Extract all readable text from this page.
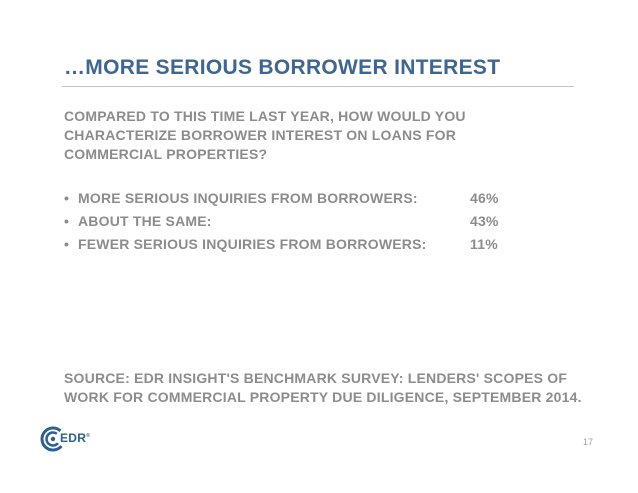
…MORE SERIOUS BORROWER INTEREST
COMPARED TO THIS TIME LAST YEAR, HOW WOULD YOU CHARACTERIZE BORROWER INTEREST ON LOANS FOR COMMERCIAL PROPERTIES?
• MORE SERIOUS INQUIRIES FROM BORROWERS:	46%
• ABOUT THE SAME:	43%
• FEWER SERIOUS INQUIRIES FROM BORROWERS:	11%
SOURCE: EDR INSIGHT'S BENCHMARK SURVEY: LENDERS' SCOPES OF WORK FOR COMMERCIAL PROPERTY DUE DILIGENCE, SEPTEMBER 2014.
EDR®
17
